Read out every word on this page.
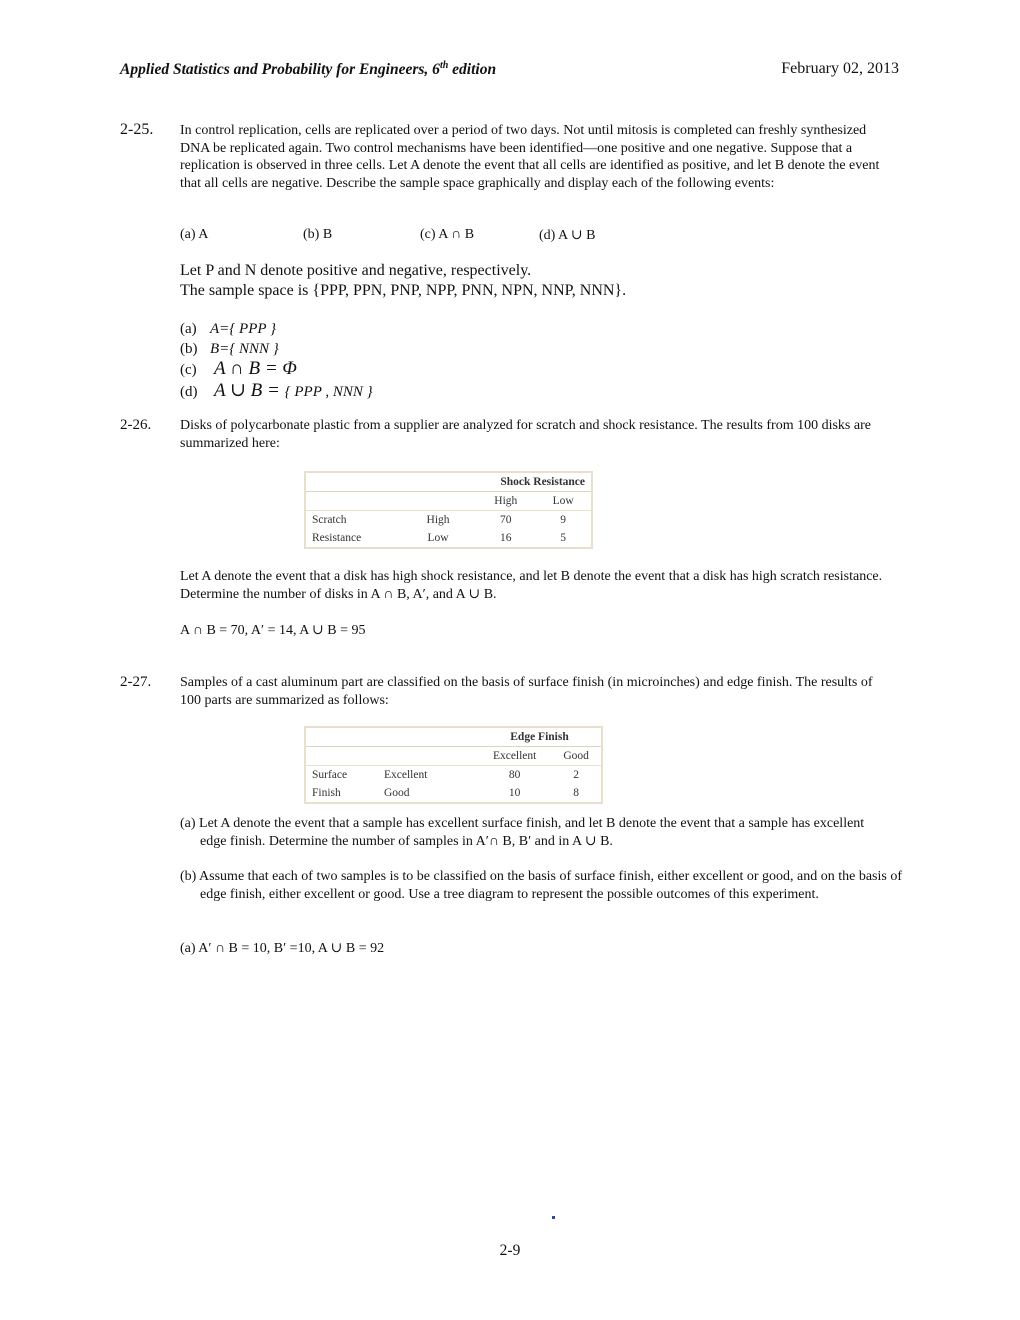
Applied Statistics and Probability for Engineers, 6th edition	February 02, 2013
2-25. In control replication, cells are replicated over a period of two days. Not until mitosis is completed can freshly synthesized DNA be replicated again. Two control mechanisms have been identified—one positive and one negative. Suppose that a replication is observed in three cells. Let A denote the event that all cells are identified as positive, and let B denote the event that all cells are negative. Describe the sample space graphically and display each of the following events:
(a) A	(b) B	(c) A ∩ B	(d) A ∪ B
Let P and N denote positive and negative, respectively.
The sample space is {PPP, PPN, PNP, NPP, PNN, NPN, NNP, NNN}.
(a) A={ PPP }
(b) B={ NNN }
(c) A ∩ B = Φ
(d) A ∪ B = { PPP , NNN }
2-26. Disks of polycarbonate plastic from a supplier are analyzed for scratch and shock resistance. The results from 100 disks are summarized here:
		Shock Resistance	
		High	Low
Scratch	High	70	9
Resistance	Low	16	5
Let A denote the event that a disk has high shock resistance, and let B denote the event that a disk has high scratch resistance. Determine the number of disks in A ∩ B, A′, and A ∪ B.
A ∩ B = 70, A′ = 14, A ∪ B = 95
2-27. Samples of a cast aluminum part are classified on the basis of surface finish (in microinches) and edge finish. The results of 100 parts are summarized as follows:
		Edge Finish	
		Excellent	Good
Surface	Excellent	80	2
Finish	Good	10	8
(a) Let A denote the event that a sample has excellent surface finish, and let B denote the event that a sample has excellent edge finish. Determine the number of samples in A′∩ B, B′ and in A ∪ B.
(b) Assume that each of two samples is to be classified on the basis of surface finish, either excellent or good, and on the basis of edge finish, either excellent or good. Use a tree diagram to represent the possible outcomes of this experiment.
(a) A′ ∩ B = 10, B′ =10, A ∪ B = 92
2-9
